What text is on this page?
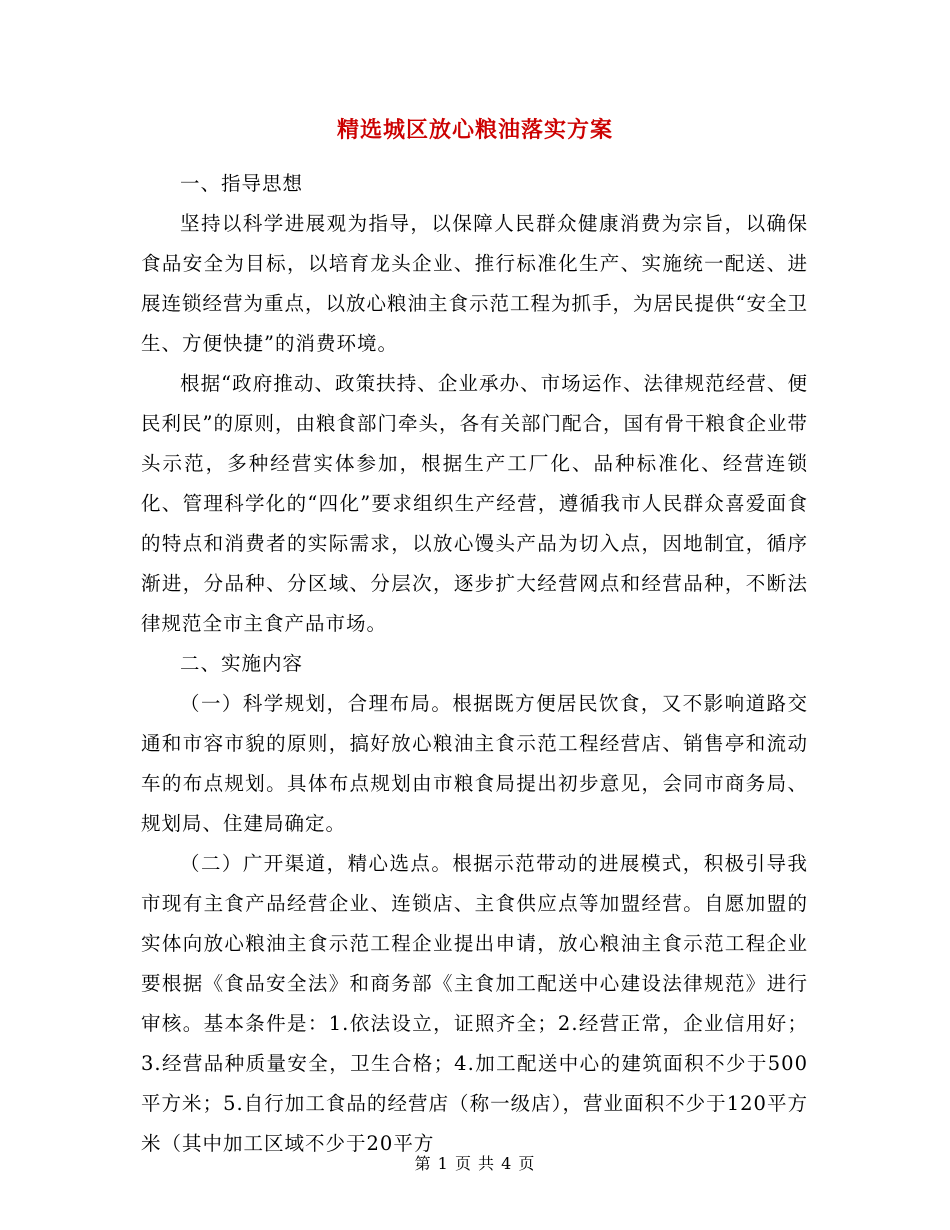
精选城区放心粮油落实方案

一、指导思想

坚持以科学进展观为指导，以保障人民群众健康消费为宗旨，以确保食品安全为目标，以培育龙头企业、推行标准化生产、实施统一配送、进展连锁经营为重点，以放心粮油主食示范工程为抓手，为居民提供“安全卫生、方便快捷”的消费环境。

根据“政府推动、政策扶持、企业承办、市场运作、法律规范经营、便民利民”的原则，由粮食部门牵头，各有关部门配合，国有骨干粮食企业带头示范，多种经营实体参加，根据生产工厂化、品种标准化、经营连锁化、管理科学化的“四化”要求组织生产经营，遵循我市人民群众喜爱面食的特点和消费者的实际需求，以放心馒头产品为切入点，因地制宜，循序渐进，分品种、分区域、分层次，逐步扩大经营网点和经营品种，不断法律规范全市主食产品市场。

二、实施内容

（一）科学规划，合理布局。根据既方便居民饮食，又不影响道路交通和市容市貌的原则，搞好放心粮油主食示范工程经营店、销售亭和流动车的布点规划。具体布点规划由市粮食局提出初步意见，会同市商务局、规划局、住建局确定。

（二）广开渠道，精心选点。根据示范带动的进展模式，积极引导我市现有主食产品经营企业、连锁店、主食供应点等加盟经营。自愿加盟的实体向放心粮油主食示范工程企业提出申请，放心粮油主食示范工程企业要根据《食品安全法》和商务部《主食加工配送中心建设法律规范》进行审核。基本条件是：1.依法设立，证照齐全；2.经营正常，企业信用好；3.经营品种质量安全，卫生合格；4.加工配送中心的建筑面积不少于500平方米；5.自行加工食品的经营店（称一级店），营业面积不少于120平方米（其中加工区域不少于20平方

第 1 页 共 4 页
